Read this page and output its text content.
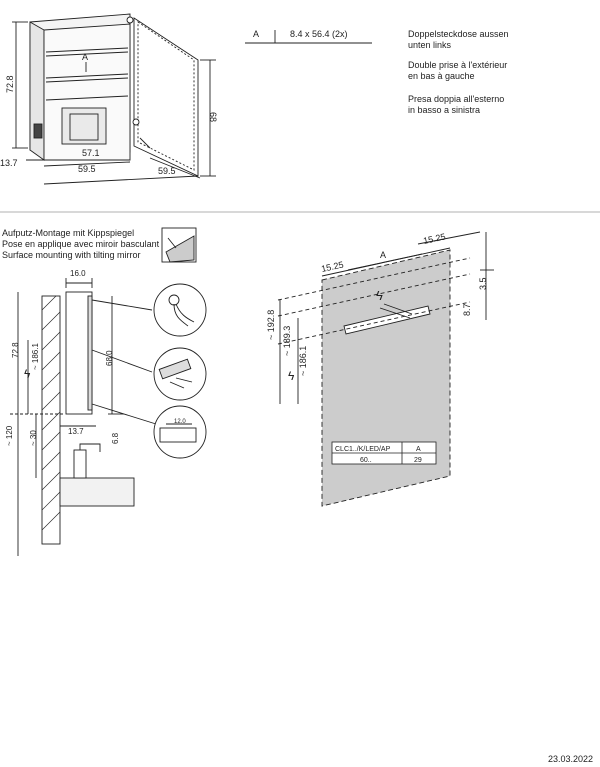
72.8
13.7
57.1
59.5	59.5
68
A
A	8.4 x 56.4 (2x)
16.0
72.8 ~ 186.1	68.0
13.7
6.8
~ 120 ~ 30
ϟ
12.0
15.25
15.25
A
3.5
8.7
~ 192.8
~ 189.3
~ 186.1
ϟ
ϟ
CLC1../K/LED/AP	A
60..	29
Doppelsteckdose aussen
unten links
Double prise à l'extérieur
en bas à gauche
Presa doppia all'esterno
in basso a sinistra
Aufputz-Montage mit Kippspiegel
Pose en applique avec miroir basculant
Surface mounting with tilting mirror
23.03.2022
